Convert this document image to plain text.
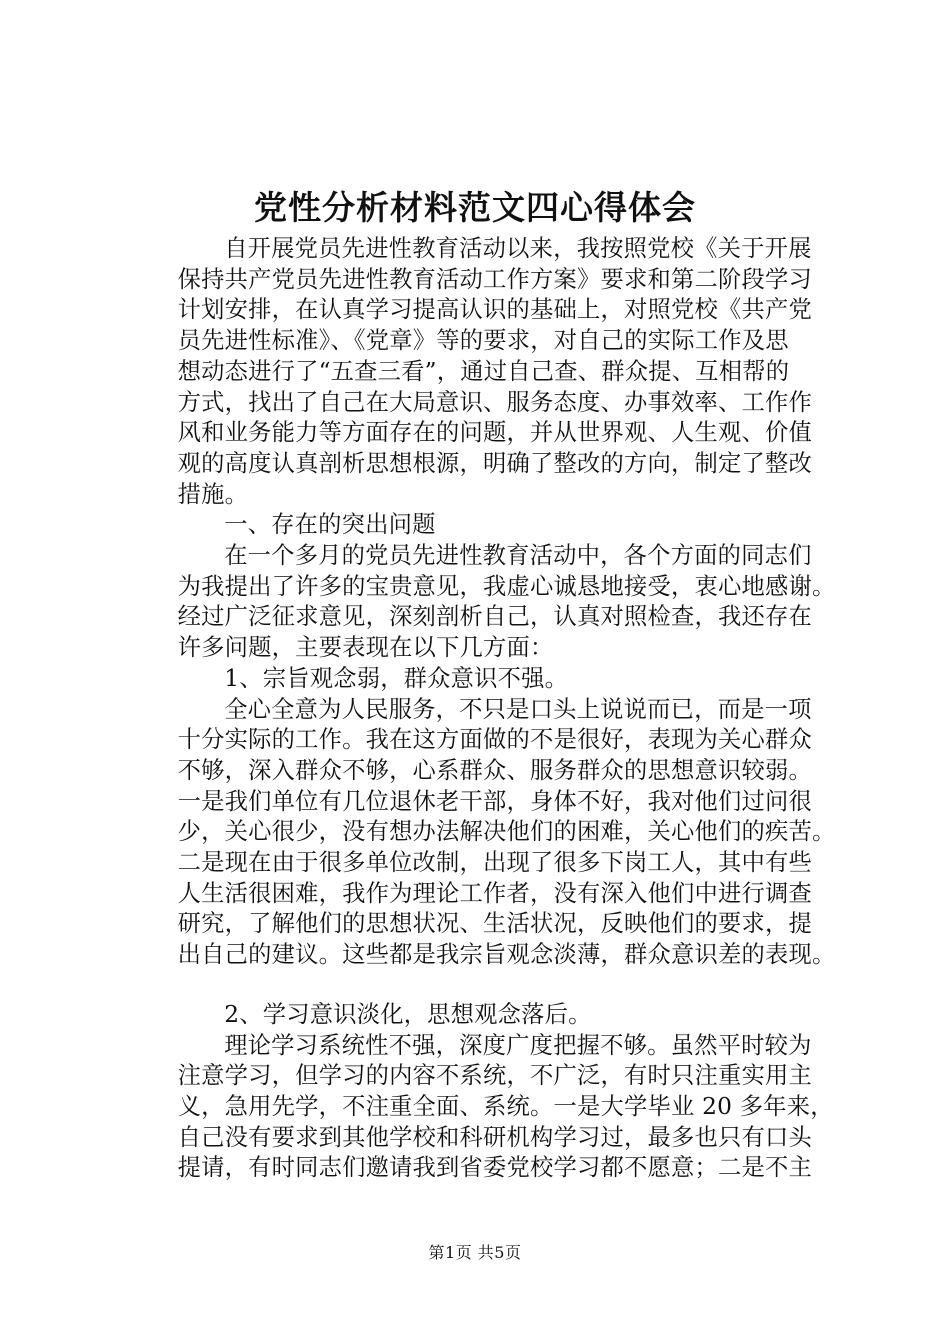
党性分析材料范文四心得体会
自开展党员先进性教育活动以来，我按照党校《关于开展
保持共产党员先进性教育活动工作方案》要求和第二阶段学习
计划安排，在认真学习提高认识的基础上，对照党校《共产党
员先进性标准》、《党章》等的要求，对自己的实际工作及思
想动态进行了“五查三看”，通过自己查、群众提、互相帮的
方式，找出了自己在大局意识、服务态度、办事效率、工作作
风和业务能力等方面存在的问题，并从世界观、人生观、价值
观的高度认真剖析思想根源，明确了整改的方向，制定了整改
措施。
一、存在的突出问题
在一个多月的党员先进性教育活动中，各个方面的同志们
为我提出了许多的宝贵意见，我虚心诚恳地接受，衷心地感谢。
经过广泛征求意见，深刻剖析自己，认真对照检查，我还存在
许多问题，主要表现在以下几方面：
1、宗旨观念弱，群众意识不强。
全心全意为人民服务，不只是口头上说说而已，而是一项
十分实际的工作。我在这方面做的不是很好，表现为关心群众
不够，深入群众不够，心系群众、服务群众的思想意识较弱。
一是我们单位有几位退休老干部，身体不好，我对他们过问很
少，关心很少，没有想办法解决他们的困难，关心他们的疾苦。
二是现在由于很多单位改制，出现了很多下岗工人，其中有些
人生活很困难，我作为理论工作者，没有深入他们中进行调查
研究，了解他们的思想状况、生活状况，反映他们的要求，提
出自己的建议。这些都是我宗旨观念淡薄，群众意识差的表现。
2、学习意识淡化，思想观念落后。
理论学习系统性不强，深度广度把握不够。虽然平时较为
注意学习，但学习的内容不系统，不广泛，有时只注重实用主
义，急用先学，不注重全面、系统。一是大学毕业 20 多年来，
自己没有要求到其他学校和科研机构学习过，最多也只有口头
提请，有时同志们邀请我到省委党校学习都不愿意；二是不主
第1页 共5页
